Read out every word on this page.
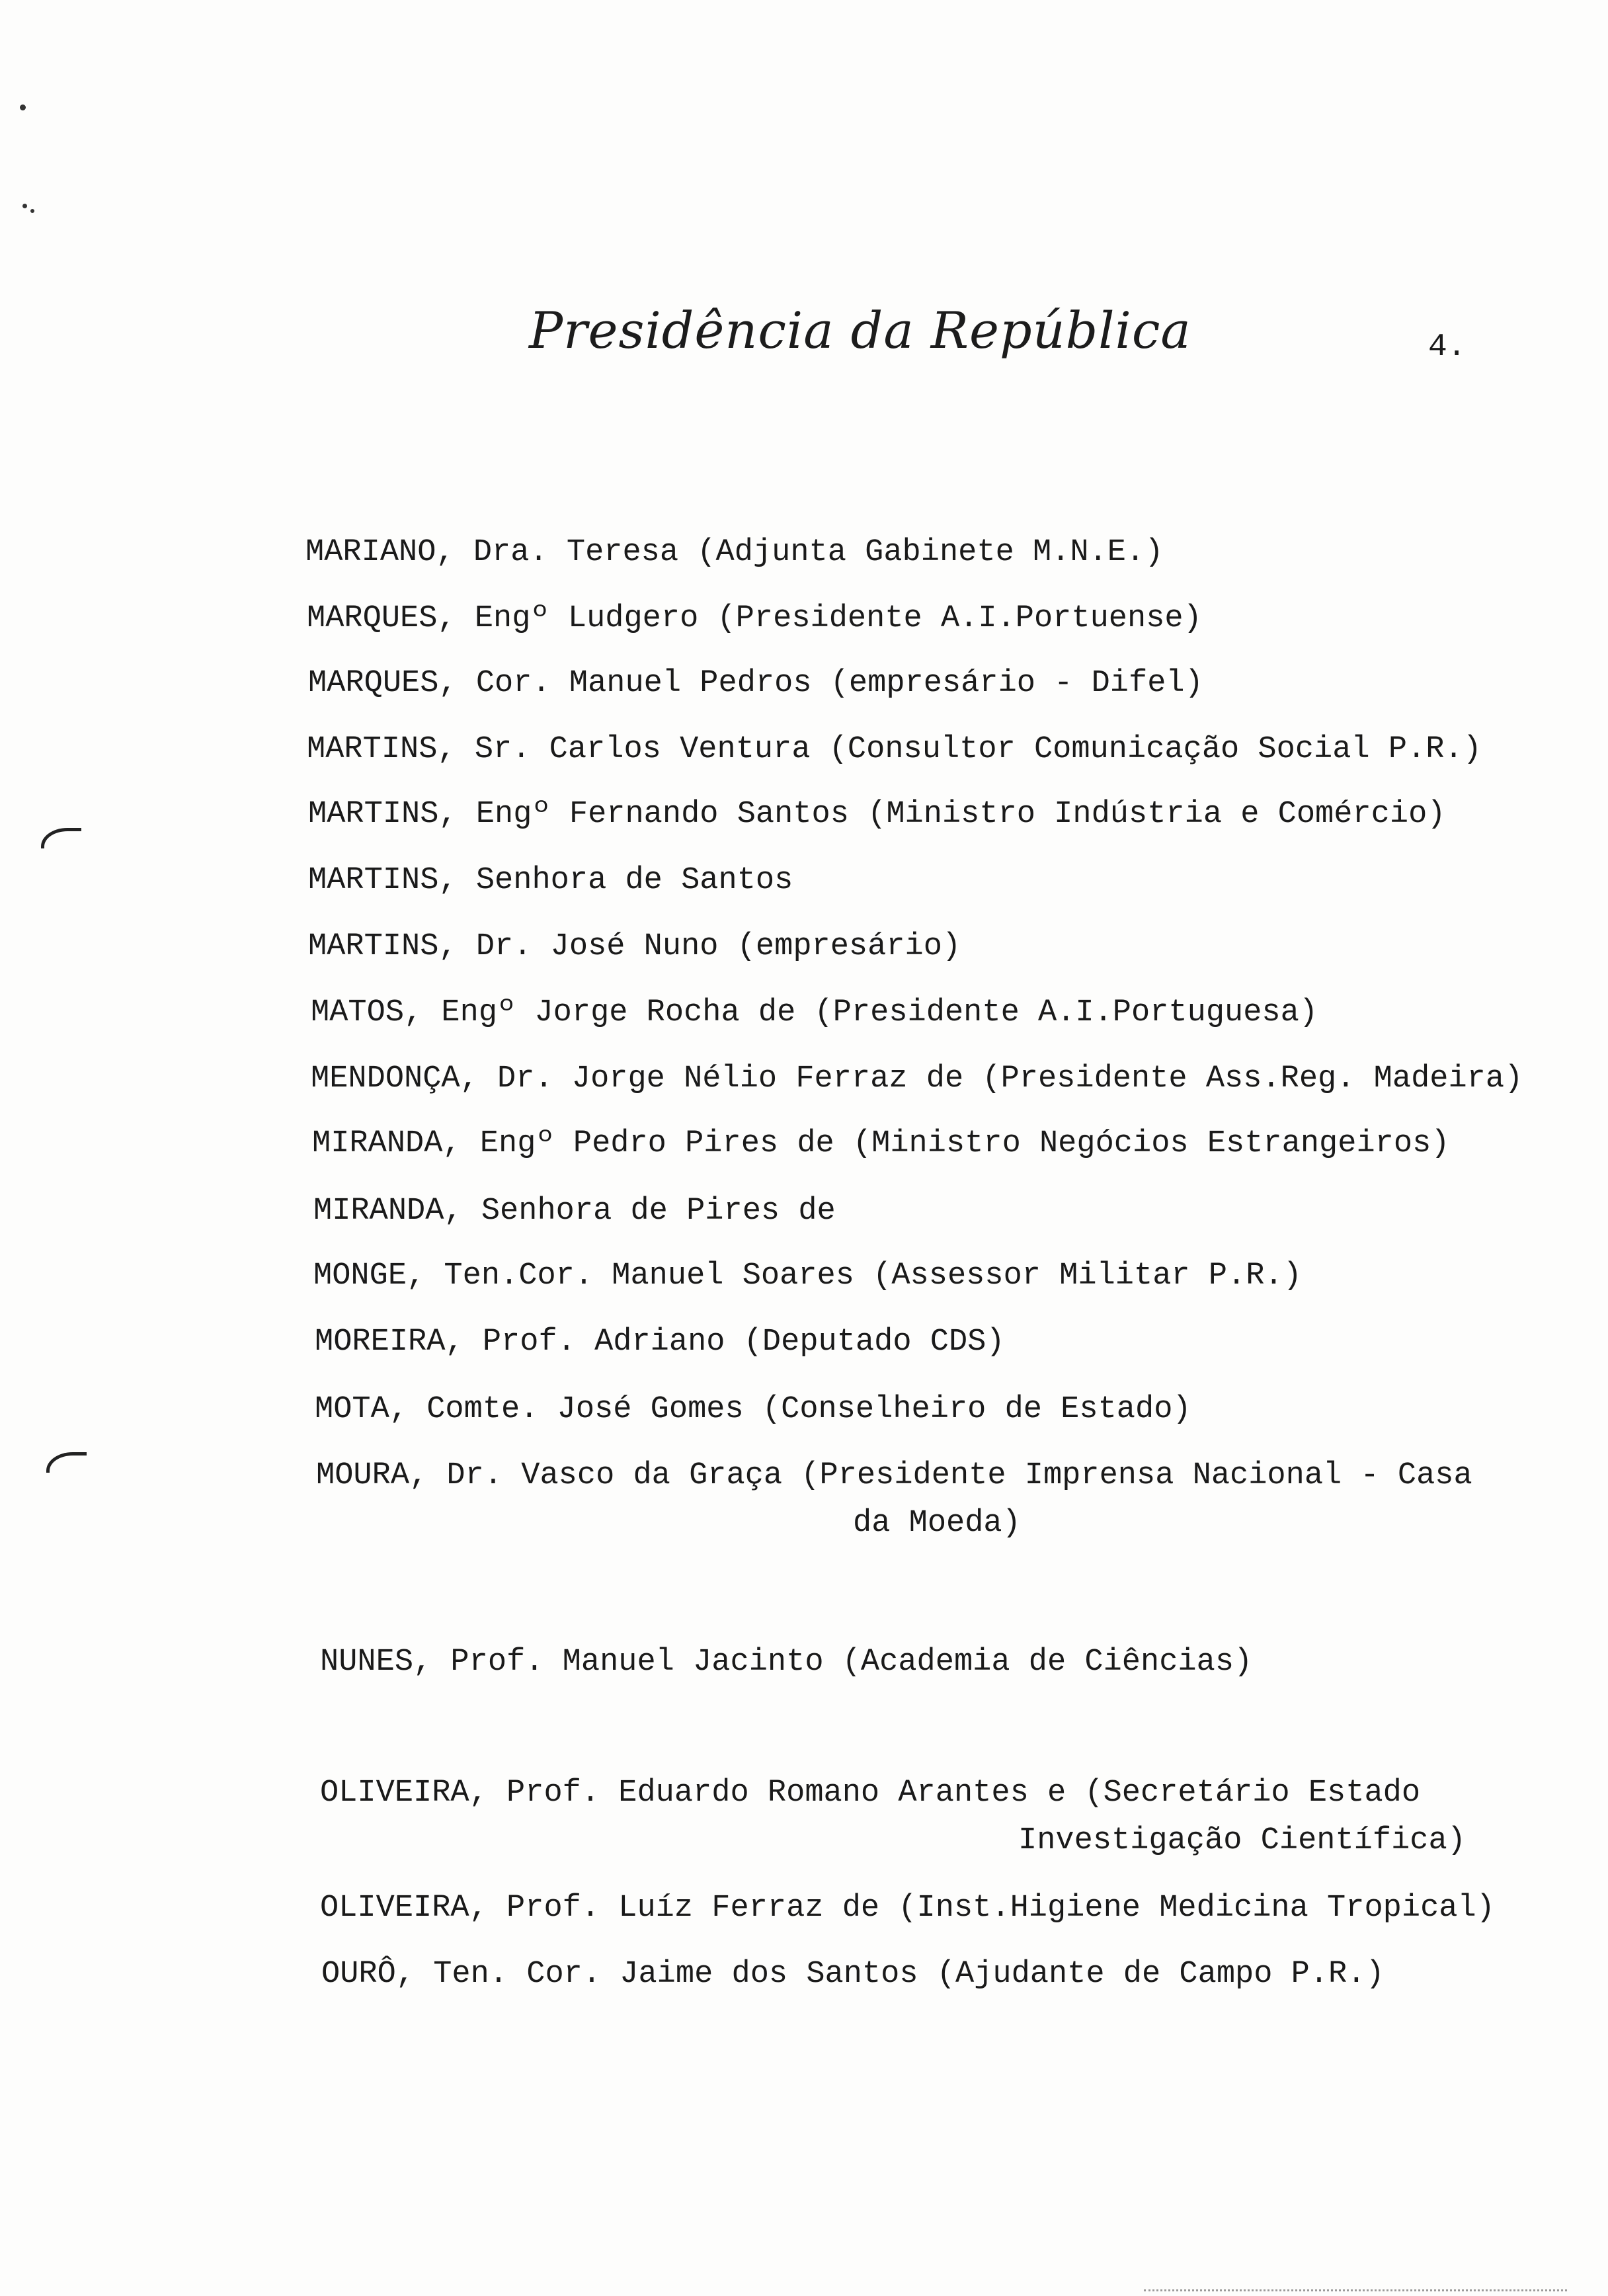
Presidência da República	4.
MARIANO, Dra. Teresa (Adjunta Gabinete M.N.E.)
MARQUES, Engº Ludgero (Presidente A.I.Portuense)
MARQUES, Cor. Manuel Pedros (empresário - Difel)
MARTINS, Sr. Carlos Ventura (Consultor Comunicação Social P.R.)
MARTINS, Engº Fernando Santos (Ministro Indústria e Comércio)
MARTINS, Senhora de Santos
MARTINS, Dr. José Nuno (empresário)
MATOS, Engº Jorge Rocha de (Presidente A.I.Portuguesa)
MENDONÇA, Dr. Jorge Nélio Ferraz de (Presidente Ass.Reg. Madeira)
MIRANDA, Engº Pedro Pires de (Ministro Negócios Estrangeiros)
MIRANDA, Senhora de Pires de
MONGE, Ten.Cor. Manuel Soares (Assessor Militar P.R.)
MOREIRA, Prof. Adriano (Deputado CDS)
MOTA, Comte. José Gomes (Conselheiro de Estado)
MOURA, Dr. Vasco da Graça (Presidente Imprensa Nacional - Casa
da Moeda)
NUNES, Prof. Manuel Jacinto (Academia de Ciências)
OLIVEIRA, Prof. Eduardo Romano Arantes e (Secretário Estado
Investigação Científica)
OLIVEIRA, Prof. Luíz Ferraz de (Inst.Higiene Medicina Tropical)
OURÔ, Ten. Cor. Jaime dos Santos (Ajudante de Campo P.R.)
